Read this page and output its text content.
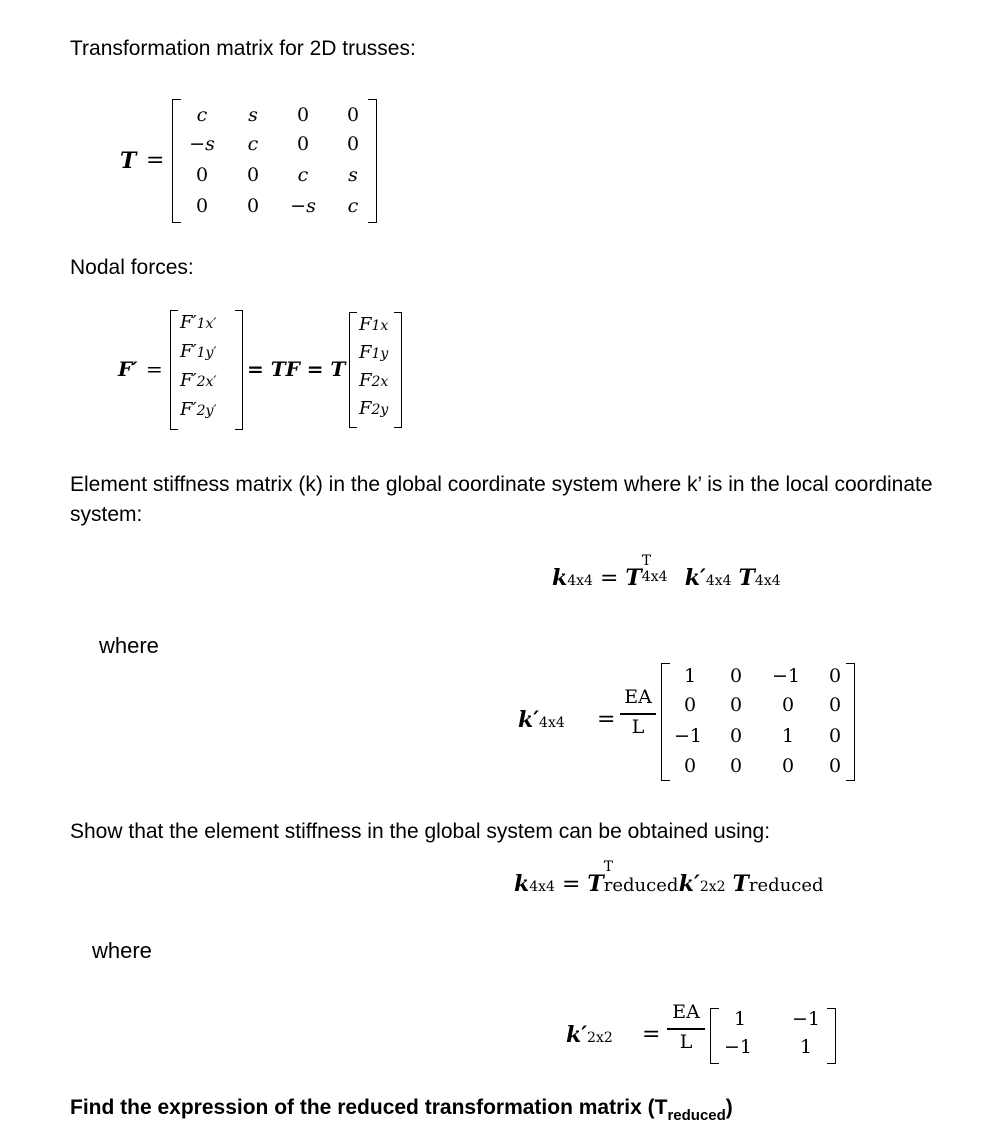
Transformation matrix for 2D trusses:
T =
c	s	0	0
−s	c	0	0
0	0	c	s
0	0	−s	c
Nodal forces:
F′ =
F′1x′
F′1y′
F′2x′
F′2y′
= TF = T
F1x
F1y
F2x
F2y
Element stiffness matrix (k) in the global coordinate system where k’ is in the local coordinate
system:
k4x4 = T
T
4x4 k′4x4 T4x4
where
k′4x4 =
EA
L
1	0	−1	0
0	0	0	0
−1	0	1	0
0	0	0	0
Show that the element stiffness in the global system can be obtained using:
k4x4 = T
T
reduced k′2x2 Treduced
where
k′2x2 =
EA
L
1	−1
−1	1
Find the expression of the reduced transformation matrix $(T_{reduced})$
